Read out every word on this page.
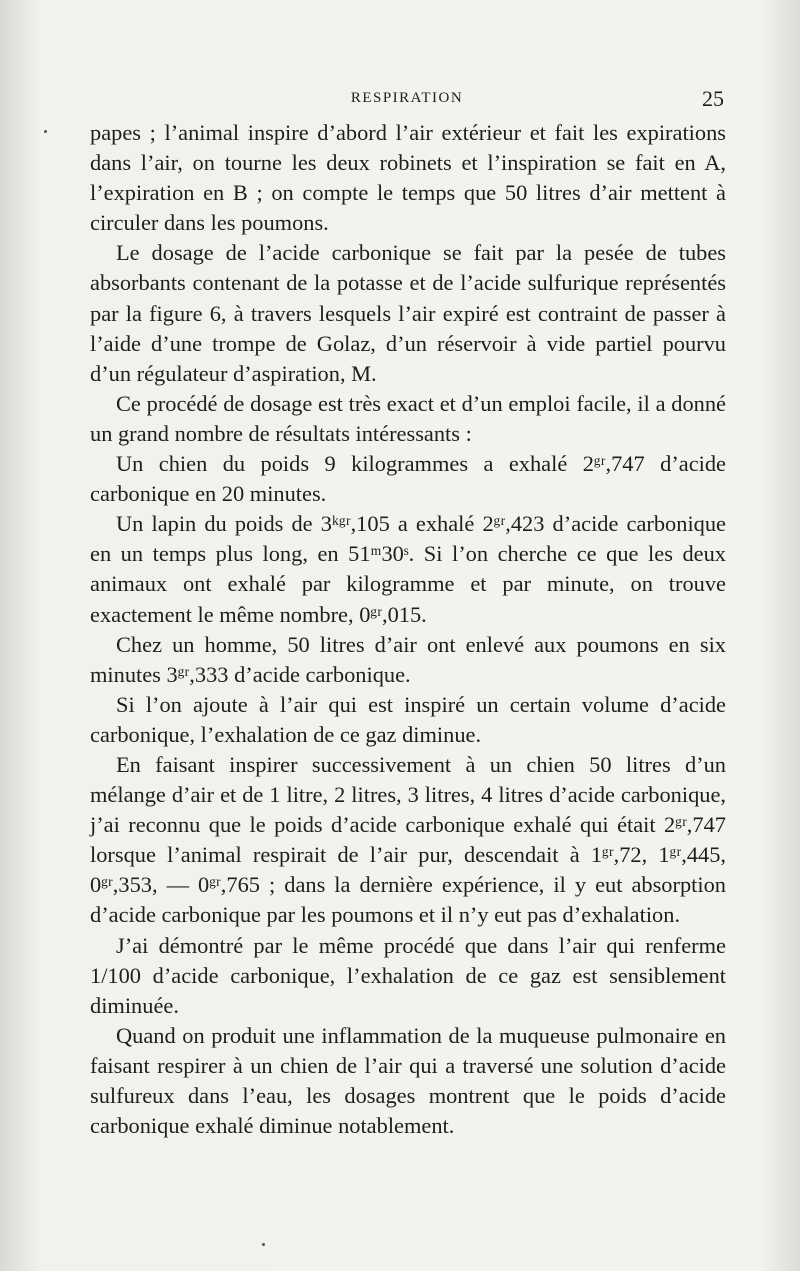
RESPIRATION	25

papes ; l’animal inspire d’abord l’air extérieur et fait les expirations dans l’air, on tourne les deux robinets et l’inspiration se fait en A, l’expiration en B ; on compte le temps que 50 litres d’air mettent à circuler dans les poumons.

Le dosage de l’acide carbonique se fait par la pesée de tubes absorbants contenant de la potasse et de l’acide sulfurique représentés par la figure 6, à travers lesquels l’air expiré est contraint de passer à l’aide d’une trompe de Golaz, d’un réservoir à vide partiel pourvu d’un régulateur d’aspiration, M.

Ce procédé de dosage est très exact et d’un emploi facile, il a donné un grand nombre de résultats intéressants :

Un chien du poids 9 kilogrammes a exhalé 2ᵍʳ,747 d’acide carbonique en 20 minutes.

Un lapin du poids de 3ᵏᵍʳ,105 a exhalé 2ᵍʳ,423 d’acide carbonique en un temps plus long, en 51ᵐ30ˢ. Si l’on cherche ce que les deux animaux ont exhalé par kilogramme et par minute, on trouve exactement le même nombre, 0ᵍʳ,015.

Chez un homme, 50 litres d’air ont enlevé aux poumons en six minutes 3ᵍʳ,333 d’acide carbonique.

Si l’on ajoute à l’air qui est inspiré un certain volume d’acide carbonique, l’exhalation de ce gaz diminue.

En faisant inspirer successivement à un chien 50 litres d’un mélange d’air et de 1 litre, 2 litres, 3 litres, 4 litres d’acide carbonique, j’ai reconnu que le poids d’acide carbonique exhalé qui était 2ᵍʳ,747 lorsque l’animal respirait de l’air pur, descendait à 1ᵍʳ,72, 1ᵍʳ,445, 0ᵍʳ,353, — 0ᵍʳ,765 ; dans la dernière expérience, il y eut absorption d’acide carbonique par les poumons et il n’y eut pas d’exhalation.

J’ai démontré par le même procédé que dans l’air qui renferme 1/100 d’acide carbonique, l’exhalation de ce gaz est sensiblement diminuée.

Quand on produit une inflammation de la muqueuse pulmonaire en faisant respirer à un chien de l’air qui a traversé une solution d’acide sulfureux dans l’eau, les dosages montrent que le poids d’acide carbonique exhalé diminue notablement.
